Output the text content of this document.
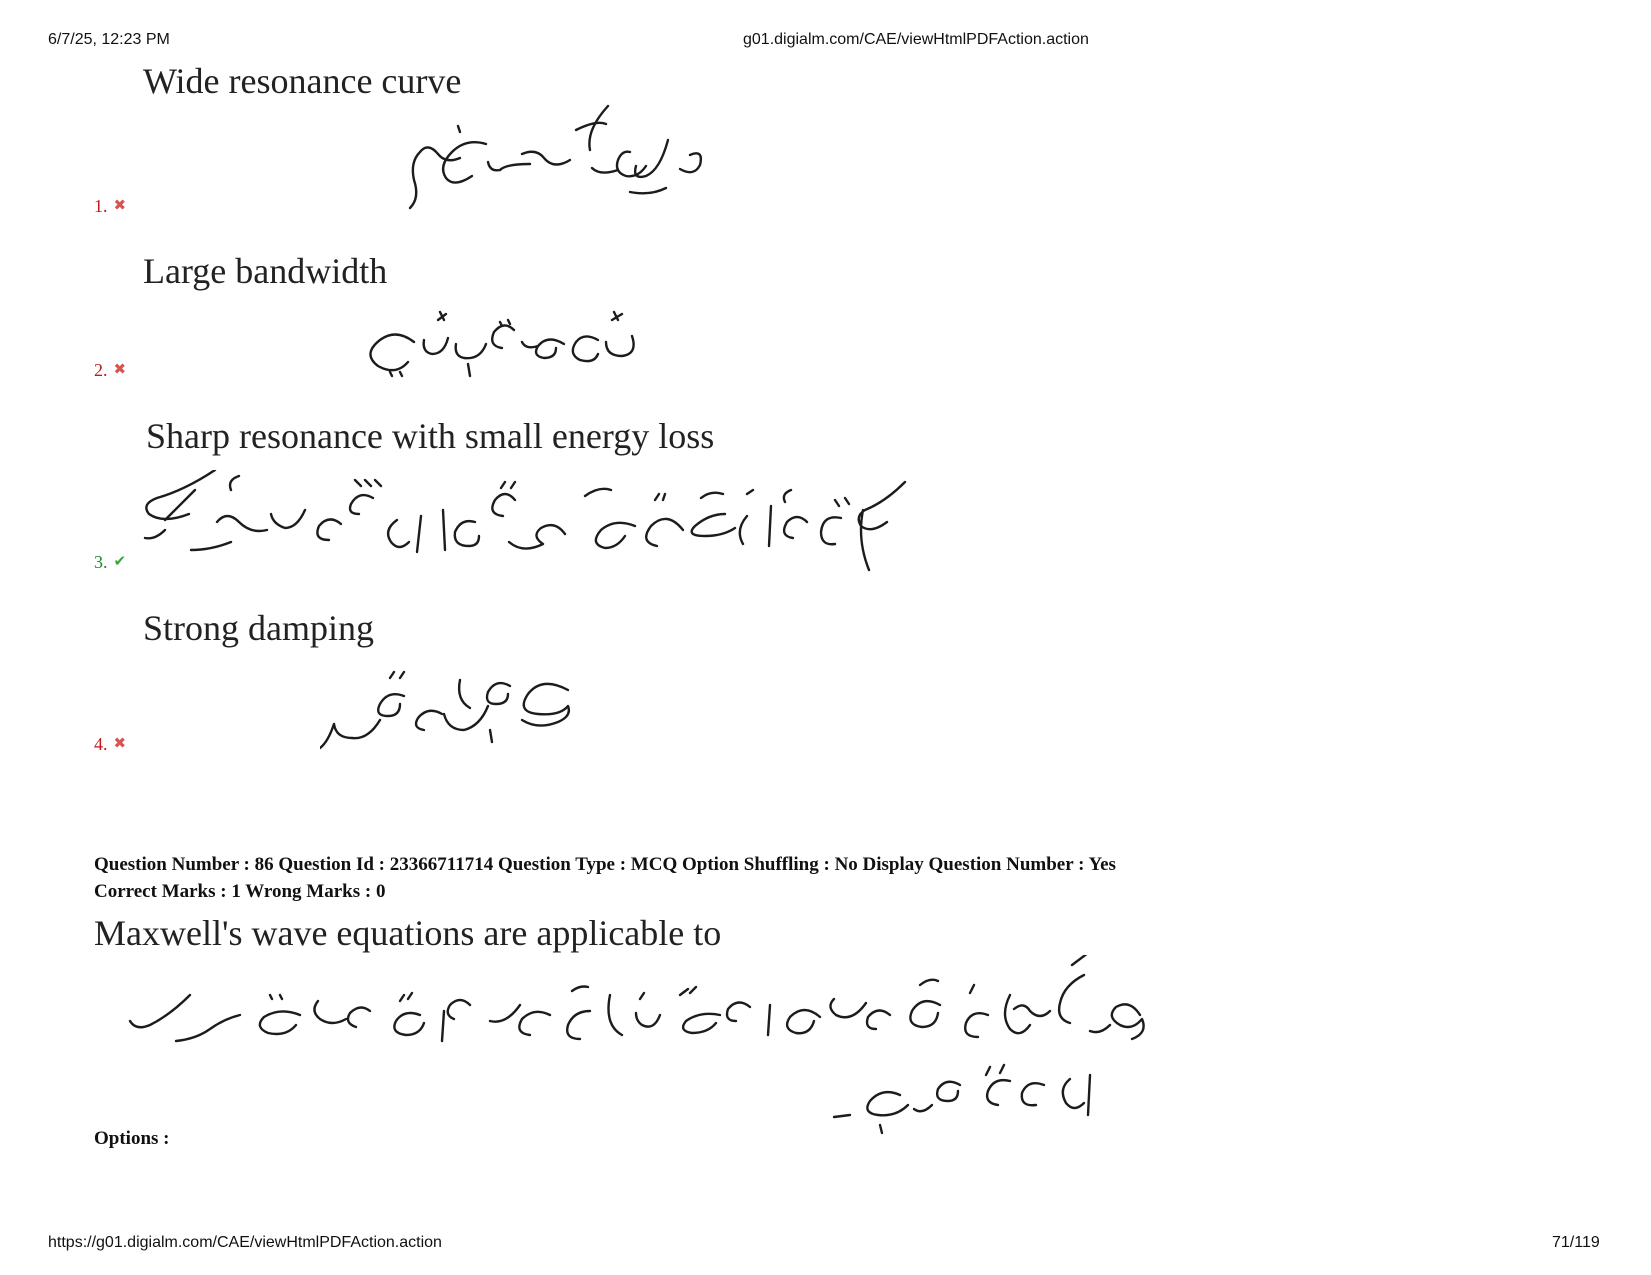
6/7/25, 12:23 PM	g01.digialm.com/CAE/viewHtmlPDFAction.action
Wide resonance curve
1. ✖
Large bandwidth
2. ✖
Sharp resonance with small energy loss
3. ✔
Strong damping
4. ✖
Question Number : 86 Question Id : 23366711714 Question Type : MCQ Option Shuffling : No Display Question Number : Yes
Correct Marks : 1 Wrong Marks : 0
Maxwell's wave equations are applicable to
Options :
https://g01.digialm.com/CAE/viewHtmlPDFAction.action	71/119
